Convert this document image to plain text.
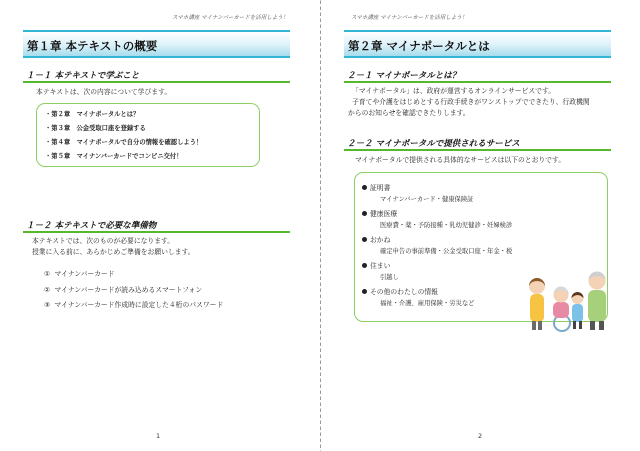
スマホ講座 マイナンバーカードを活用しよう！
第１章 本テキストの概要
１－１ 本テキストで学ぶこと
本テキストは、次の内容について学びます。
・第２章　マイナポータルとは？
・第３章　公金受取口座を登録する
・第４章　マイナポータルで自分の情報を確認しよう！
・第５章　マイナンバーカードでコンビニ交付！
１－２ 本テキストで必要な準備物
本テキストでは、次のものが必要になります。
授業に入る前に、あらかじめご準備をお願いします。
① マイナンバーカード
② マイナンバーカードが読み込めるスマートフォン
③ マイナンバーカード作成時に設定した４桁のパスワード
1
スマホ講座 マイナンバーカードを活用しよう！
第２章 マイナポータルとは
２－１ マイナポータルとは？
「マイナポータル」は、政府が運営するオンラインサービスです。
子育てや介護をはじめとする行政手続きがワンストップでできたり、行政機関
からのお知らせを確認できたりします。
２－２ マイナポータルで提供されるサービス
マイナポータルで提供される具体的なサービスは以下のとおりです。
証明書
マイナンバーカード・健康保険証
健康医療
医療費・薬・予防接種・乳幼児健診・妊婦検診
おかね
確定申告の事前準備・公金受取口座・年金・税
住まい
引越し
その他のわたしの情報
福祉・介護、雇用保険・労災など
2
